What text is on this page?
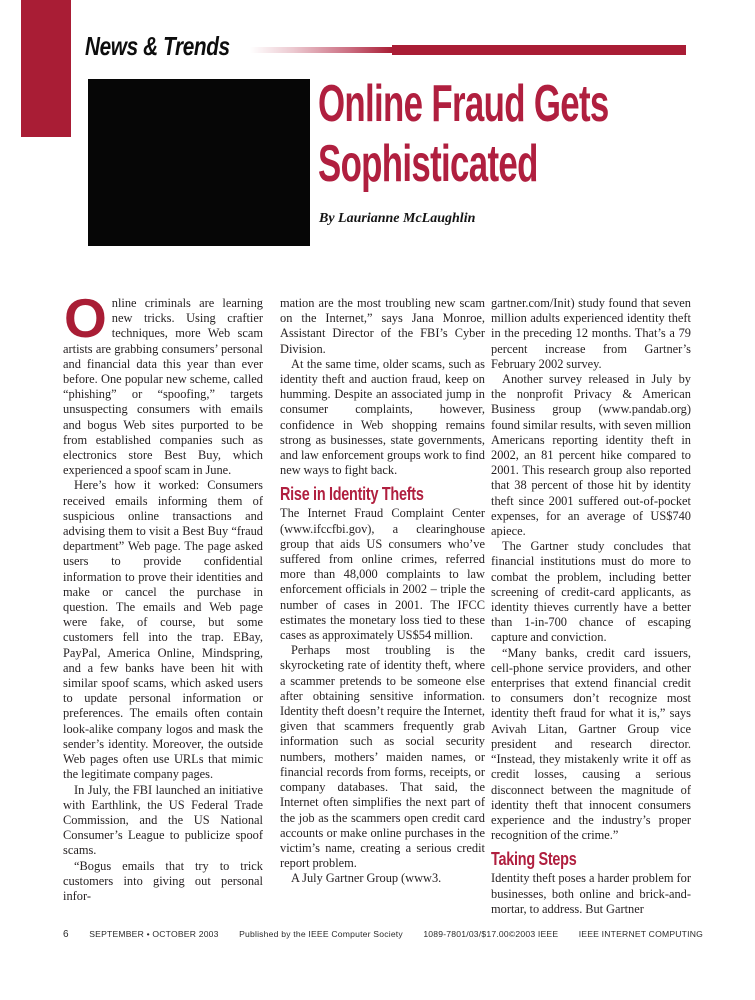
News & Trends
Online Fraud Gets
Sophisticated
By Laurianne McLaughlin

Online criminals are learning new tricks. Using craftier techniques, more Web scam artists are grabbing consumers’ personal and financial data this year than ever before. One popular new scheme, called “phishing” or “spoofing,” targets unsuspecting consumers with emails and bogus Web sites purported to be from established companies such as electronics store Best Buy, which experienced a spoof scam in June.

Here’s how it worked: Consumers received emails informing them of suspicious online transactions and advising them to visit a Best Buy “fraud department” Web page. The page asked users to provide confidential information to prove their identities and make or cancel the purchase in question. The emails and Web page were fake, of course, but some customers fell into the trap. EBay, PayPal, America Online, Mindspring, and a few banks have been hit with similar spoof scams, which asked users to update personal information or preferences. The emails often contain look-alike company logos and mask the sender’s identity. Moreover, the outside Web pages often use URLs that mimic the legitimate company pages.

In July, the FBI launched an initiative with Earthlink, the US Federal Trade Commission, and the US National Consumer’s League to publicize spoof scams.

“Bogus emails that try to trick customers into giving out personal infor-

mation are the most troubling new scam on the Internet,” says Jana Monroe, Assistant Director of the FBI’s Cyber Division.

At the same time, older scams, such as identity theft and auction fraud, keep on humming. Despite an associated jump in consumer complaints, however, confidence in Web shopping remains strong as businesses, state governments, and law enforcement groups work to find new ways to fight back.

Rise in Identity Thefts

The Internet Fraud Complaint Center (www.ifccfbi.gov), a clearinghouse group that aids US consumers who’ve suffered from online crimes, referred more than 48,000 complaints to law enforcement officials in 2002 – triple the number of cases in 2001. The IFCC estimates the monetary loss tied to these cases as approximately US$54 million.

Perhaps most troubling is the skyrocketing rate of identity theft, where a scammer pretends to be someone else after obtaining sensitive information. Identity theft doesn’t require the Internet, given that scammers frequently grab information such as social security numbers, mothers’ maiden names, or financial records from forms, receipts, or company databases. That said, the Internet often simplifies the next part of the job as the scammers open credit card accounts or make online purchases in the victim’s name, creating a serious credit report problem.

A July Gartner Group (www3.

gartner.com/Init) study found that seven million adults experienced identity theft in the preceding 12 months. That’s a 79 percent increase from Gartner’s February 2002 survey.

Another survey released in July by the nonprofit Privacy & American Business group (www.pandab.org) found similar results, with seven million Americans reporting identity theft in 2002, an 81 percent hike compared to 2001. This research group also reported that 38 percent of those hit by identity theft since 2001 suffered out-of-pocket expenses, for an average of US$740 apiece.

The Gartner study concludes that financial institutions must do more to combat the problem, including better screening of credit-card applicants, as identity thieves currently have a better than 1-in-700 chance of escaping capture and conviction.

“Many banks, credit card issuers, cell-phone service providers, and other enterprises that extend financial credit to consumers don’t recognize most identity theft fraud for what it is,” says Avivah Litan, Gartner Group vice president and research director. “Instead, they mistakenly write it off as credit losses, causing a serious disconnect between the magnitude of identity theft that innocent consumers experience and the industry’s proper recognition of the crime.”

Taking Steps

Identity theft poses a harder problem for businesses, both online and brick-and-mortar, to address. But Gartner

6 SEPTEMBER • OCTOBER 2003 Published by the IEEE Computer Society 1089-7801/03/$17.00©2003 IEEE IEEE INTERNET COMPUTING
